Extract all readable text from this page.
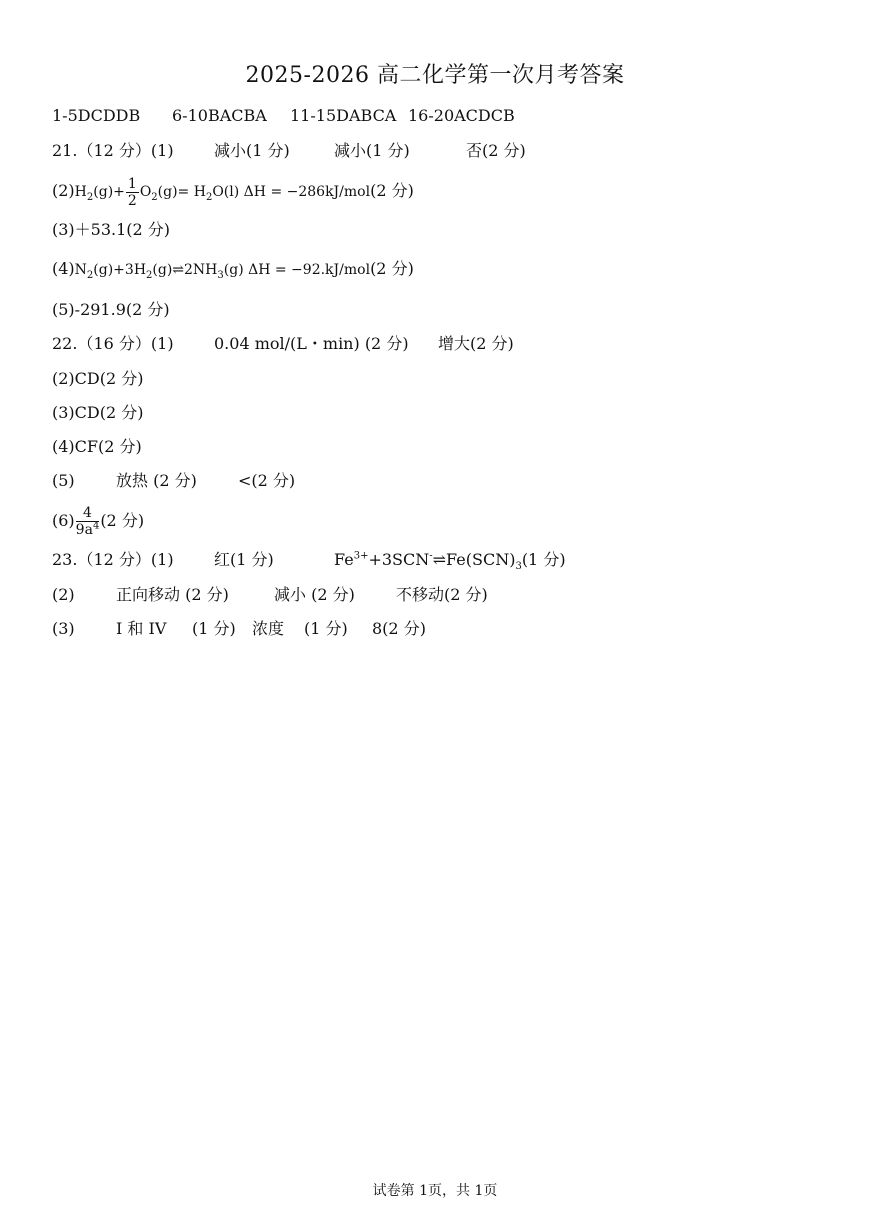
2025-2026 高二化学第一次月考答案
1-5DCDDB 6-10BACBA 11-15DABCA 16-20ACDCB
21.（12 分）(1)	减小(1 分)	减小(1 分)	否(2 分)
$(2)H_2(g)+ \frac{1}{2} O_2(g)= H_2O(l) \Delta H = -286kJ/mol(2$ 分)
(3)＋53.1(2 分)
$(4)N_2(g)+3H_2(g)\rightleftharpoons 2NH_3(g) \Delta H = -92.kJ/mol(2$ 分)
(5)-291.9(2 分)
22.（16 分）(1)	0.04 mol/(L・min) (2 分) 增大(2 分)
(2)CD(2 分)
(3)CD(2 分)
(4)CF(2 分)
(5)	放热 (2 分)	<(2 分)
$(6) \frac{4}{9a^4} (2$ 分)
23.（12 分）(1)	红(1 分)	$Fe^{3+}+3SCN^-\rightleftharpoons Fe(SCN)_3(1$ 分)
(2)	正向移动 (2 分)	减小 (2 分)	不移动(2 分)
(3)	I 和 IV (1 分) 浓度 (1 分) 8(2 分)
试卷第 1页，共 1页
